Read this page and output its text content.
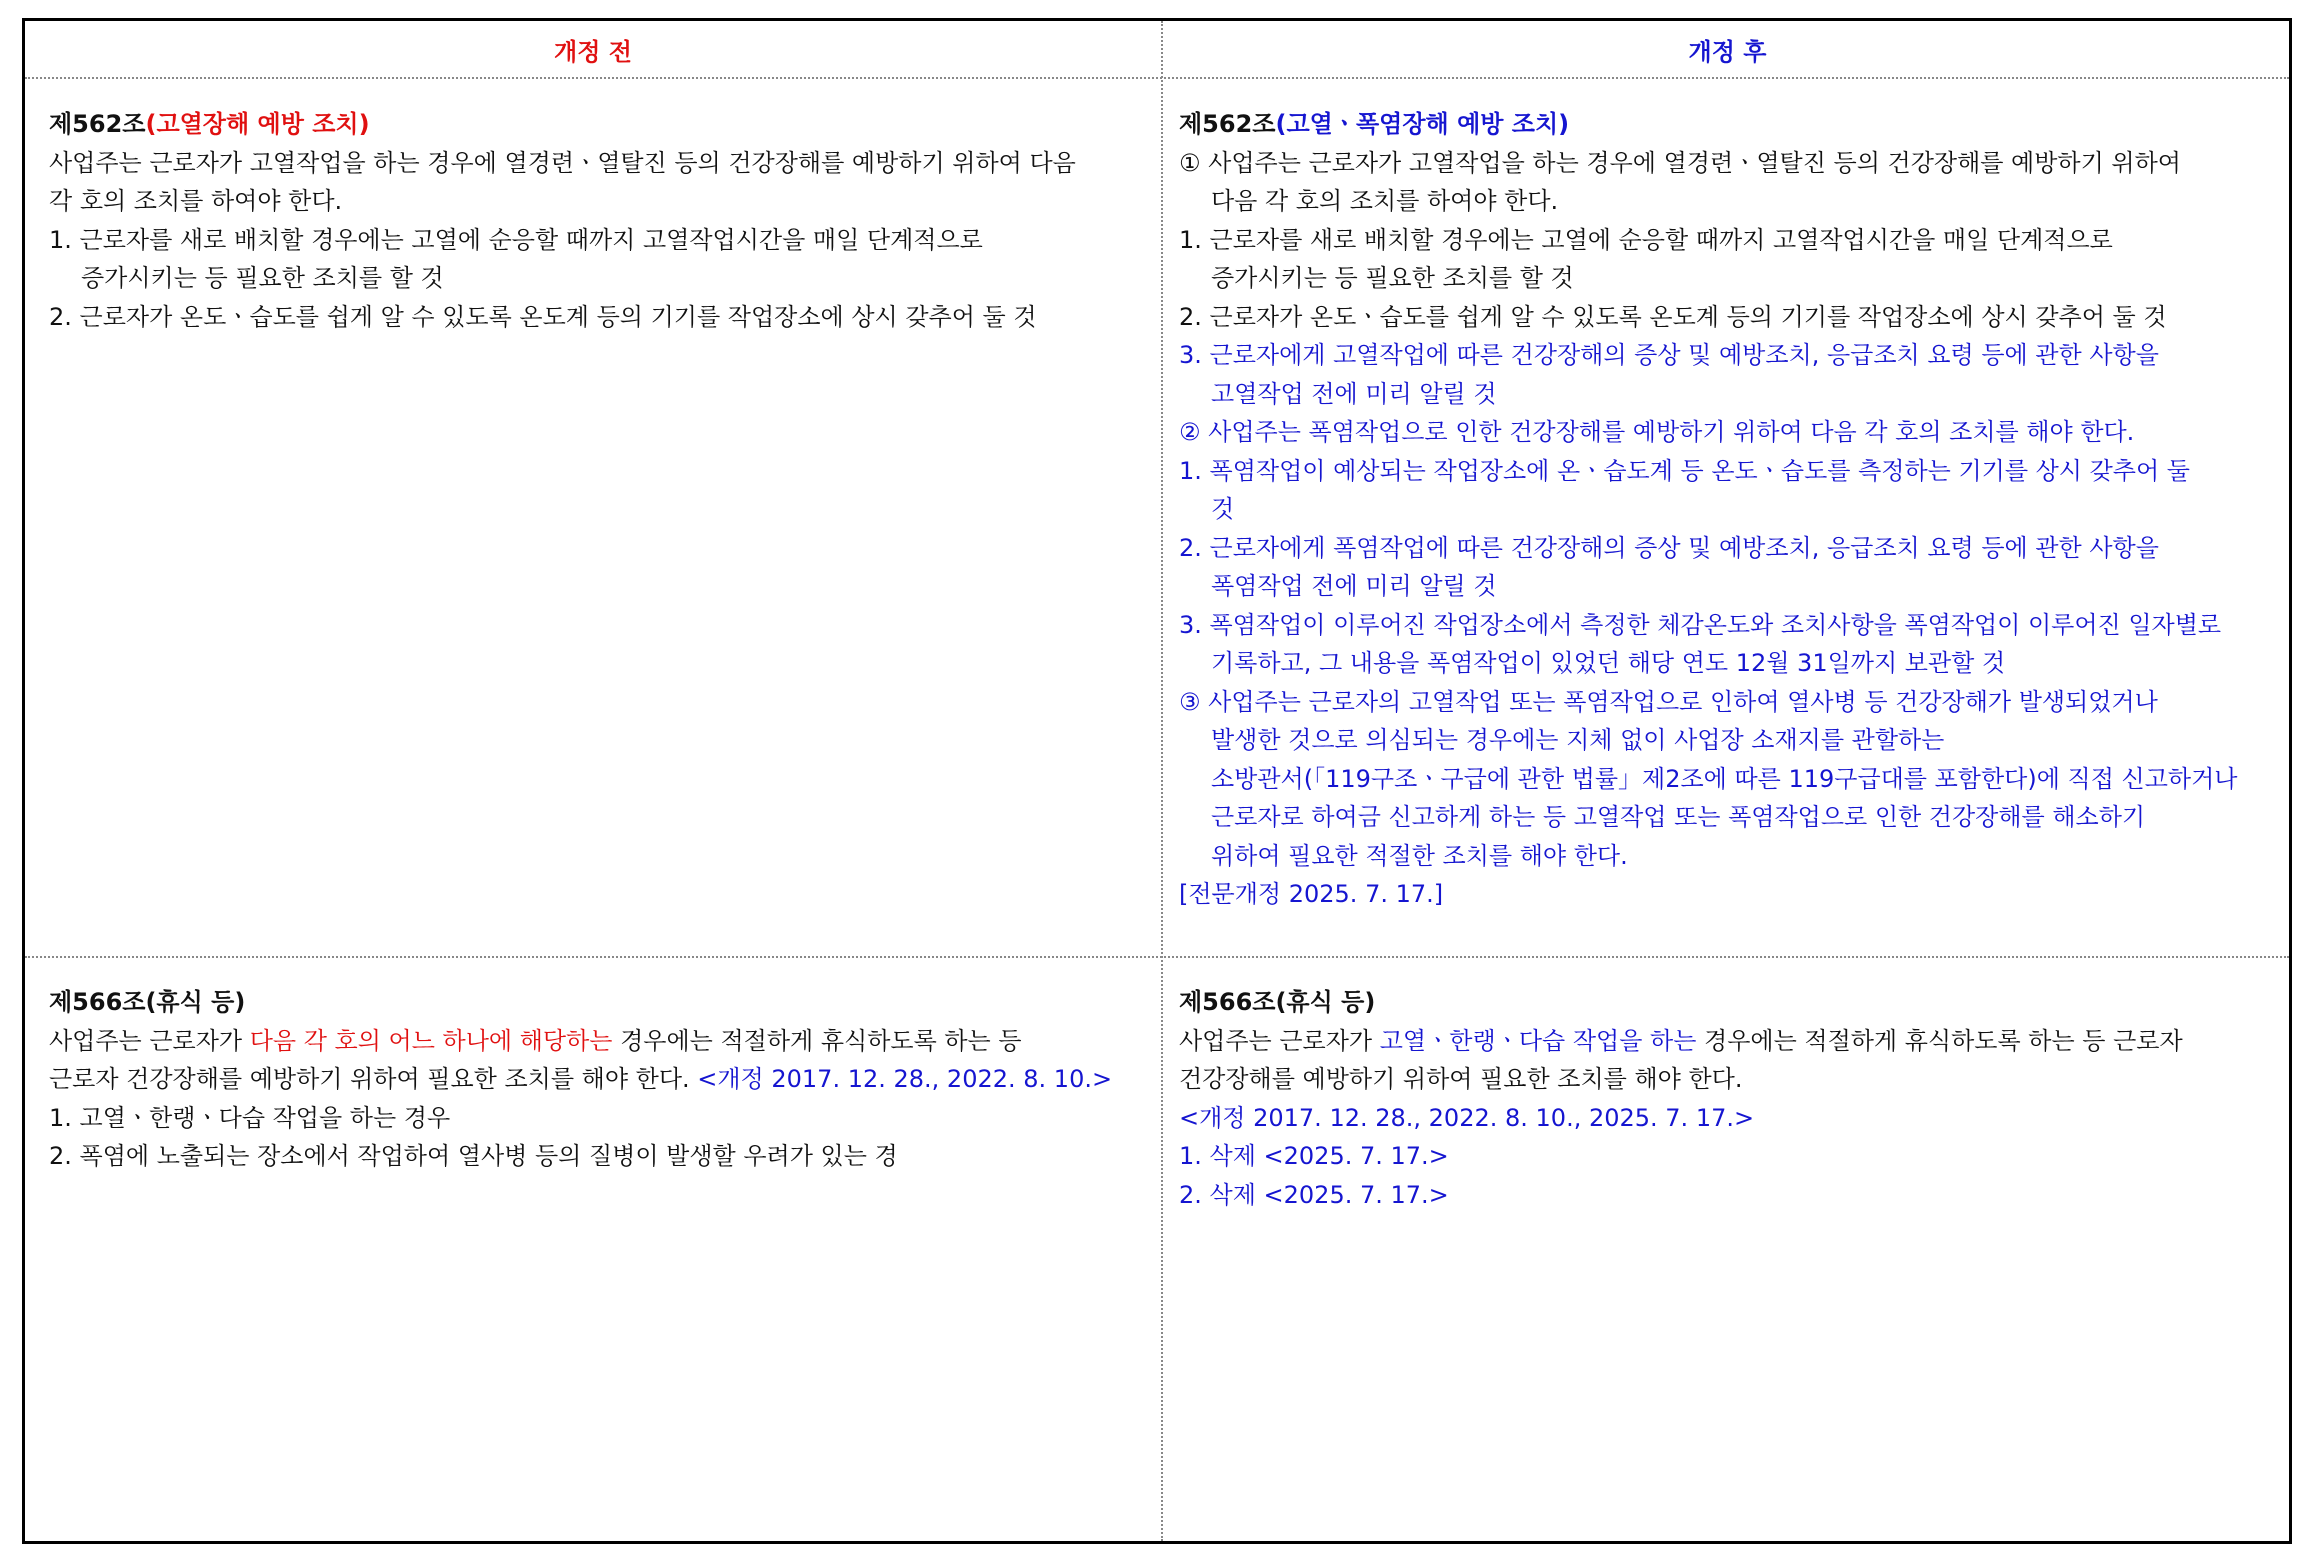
개정 전	개정 후
제562조(고열장해 예방 조치)
사업주는 근로자가 고열작업을 하는 경우에 열경련ㆍ열탈진 등의 건강장해를 예방하기 위하여 다음
각 호의 조치를 하여야 한다.
1. 근로자를 새로 배치할 경우에는 고열에 순응할 때까지 고열작업시간을 매일 단계적으로
증가시키는 등 필요한 조치를 할 것
2. 근로자가 온도ㆍ습도를 쉽게 알 수 있도록 온도계 등의 기기를 작업장소에 상시 갖추어 둘 것
제562조(고열ㆍ폭염장해 예방 조치)
① 사업주는 근로자가 고열작업을 하는 경우에 열경련ㆍ열탈진 등의 건강장해를 예방하기 위하여
다음 각 호의 조치를 하여야 한다.
1. 근로자를 새로 배치할 경우에는 고열에 순응할 때까지 고열작업시간을 매일 단계적으로
증가시키는 등 필요한 조치를 할 것
2. 근로자가 온도ㆍ습도를 쉽게 알 수 있도록 온도계 등의 기기를 작업장소에 상시 갖추어 둘 것
3. 근로자에게 고열작업에 따른 건강장해의 증상 및 예방조치, 응급조치 요령 등에 관한 사항을
고열작업 전에 미리 알릴 것
② 사업주는 폭염작업으로 인한 건강장해를 예방하기 위하여 다음 각 호의 조치를 해야 한다.
1. 폭염작업이 예상되는 작업장소에 온ㆍ습도계 등 온도ㆍ습도를 측정하는 기기를 상시 갖추어 둘
것
2. 근로자에게 폭염작업에 따른 건강장해의 증상 및 예방조치, 응급조치 요령 등에 관한 사항을
폭염작업 전에 미리 알릴 것
3. 폭염작업이 이루어진 작업장소에서 측정한 체감온도와 조치사항을 폭염작업이 이루어진 일자별로
기록하고, 그 내용을 폭염작업이 있었던 해당 연도 12월 31일까지 보관할 것
③ 사업주는 근로자의 고열작업 또는 폭염작업으로 인하여 열사병 등 건강장해가 발생되었거나
발생한 것으로 의심되는 경우에는 지체 없이 사업장 소재지를 관할하는
소방관서(「119구조ㆍ구급에 관한 법률」제2조에 따른 119구급대를 포함한다)에 직접 신고하거나
근로자로 하여금 신고하게 하는 등 고열작업 또는 폭염작업으로 인한 건강장해를 해소하기
위하여 필요한 적절한 조치를 해야 한다.
[전문개정 2025. 7. 17.]
제566조(휴식 등)
사업주는 근로자가 다음 각 호의 어느 하나에 해당하는 경우에는 적절하게 휴식하도록 하는 등
근로자 건강장해를 예방하기 위하여 필요한 조치를 해야 한다. <개정 2017. 12. 28., 2022. 8. 10.>
1. 고열ㆍ한랭ㆍ다습 작업을 하는 경우
2. 폭염에 노출되는 장소에서 작업하여 열사병 등의 질병이 발생할 우려가 있는 경
제566조(휴식 등)
사업주는 근로자가 고열ㆍ한랭ㆍ다습 작업을 하는 경우에는 적절하게 휴식하도록 하는 등 근로자
건강장해를 예방하기 위하여 필요한 조치를 해야 한다.
<개정 2017. 12. 28., 2022. 8. 10., 2025. 7. 17.>
1. 삭제 <2025. 7. 17.>
2. 삭제 <2025. 7. 17.>
